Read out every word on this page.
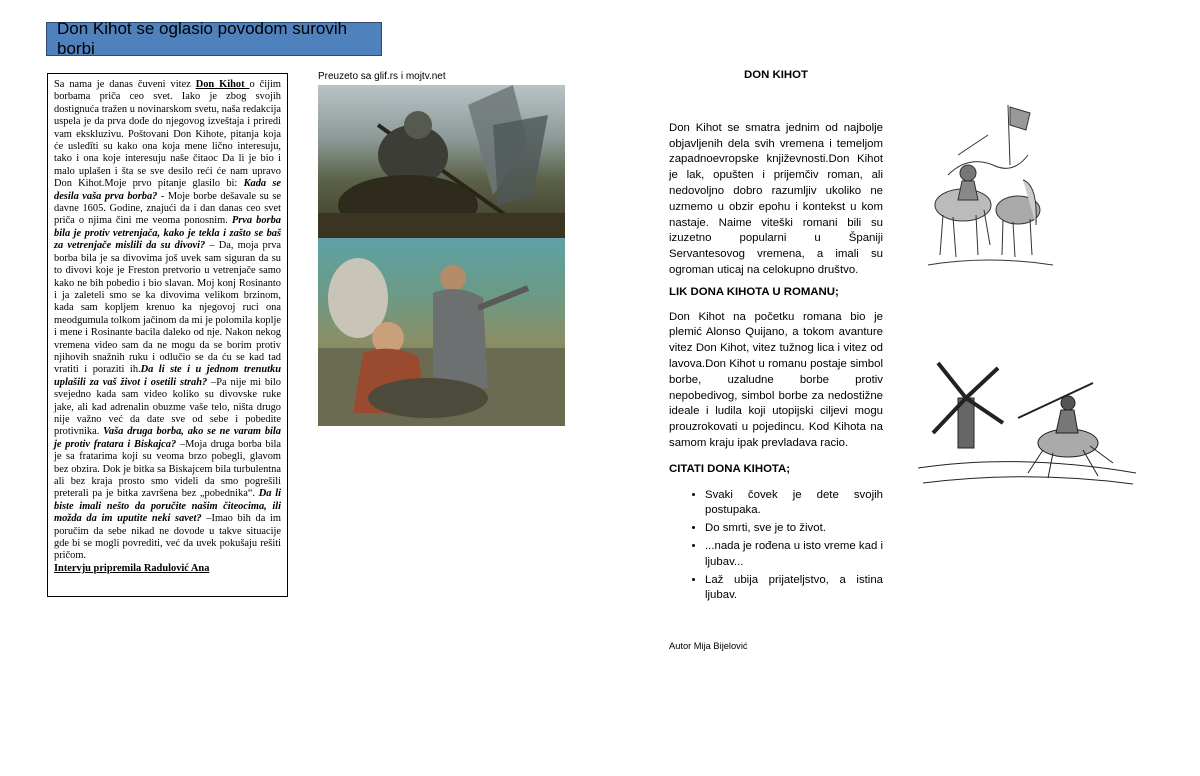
Don Kihot se oglasio povodom surovih borbi

Sa nama je danas čuveni vitez Don Kihot o čijim borbama priča ceo svet. Iako je zbog svojih dostignuća tražen u novinarskom svetu, naša redakcija uspela je da prva dođe do njegovog izveštaja i priredi vam ekskluzivu. Poštovani Don Kihote, pitanja koja će usledīti su kako ona koja mene lično interesuju, tako i ona koje interesuju naše čitaoc Da li je bio i malo uplašen i šta se sve desilo reći će nam upravo Don Kihot.Moje prvo pitanje glasilo bi: Kada se desila vaša prva borba? - Moje borbe dešavale su se davne 1605. Godine, znajući da i dan danas ceo svet priča o njima čini me veoma ponosnim. Prva borba bila je protiv vetrenjača, kako je tekla i zašto se baš za vetrenjače mislili da su divovi? – Da, moja prva borba bila je sa divovima još uvek sam siguran da su to divovi koje je Freston pretvorio u vetrenjače samo kako ne bih pobedio i bio slavan. Moj konj Rosinanto i ja zaleteli smo se ka divovima velikom brzinom, kada sam kopljem krenuo ka njegovoj ruci ona meodgumula tolkom jačinom da mi je polomila koplje i mene i Rosinante bacila daleko od nje. Nakon nekog vremena video sam da ne mogu da se borim protiv njihovih snažnih ruku i odlučio se da ću se kad tad vratiti i poraziti ih.Da li ste i u jednom trenutku uplašili za vaš život i osetili strah? –Pa nije mi bilo svejedno kada sam video koliko su divovske ruke jake, ali kad adrenalin obuzme vaše telo, ništa drugo nije važno već da date sve od sebe i pobedite protivnika. Vaša druga borba, ako se ne varam bila je protiv fratara i Biskajca? –Moja druga borba bila je sa fratarima koji su veoma brzo pobegli, glavom bez obzira. Dok je bitka sa Biskajcem bila turbulentna ali bez kraja prosto smo videli da smo pogrešili preterali pa je bitka završena bez „pobednika“. Da li biste imali nešto da poručite našim čiteocima, ili možda da im uputite neki savet? –Imao bih da im poručim da sebe nikad ne dovode u takve situacije gde bi se mogli povrediti, već da uvek pokušaju rešiti pričom.
Intervju pripremila Radulović Ana

Preuzeto sa glif.rs i mojtv.net	DON KIHOT

Don Kihot se smatra jednim od najbolje objavljenih dela svih vremena i temeljom zapadnoevropske književnosti.Don Kihot je lak, opušten i prijemčiv roman, ali nedovoljno dobro razumljiv ukoliko ne uzmemo u obzir epohu i kontekst u kom nastaje. Naime viteški romani bili su izuzetno popularni u Španiji Servantesovog vremena, a imali su ogroman uticaj na celokupno društvo.

LIK DONA KIHOTA U ROMANU;

Don Kihot na početku romana bio je plemić Alonso Quijano, a tokom avanture vitez Don Kihot, vitez tužnog lica i vitez od lavova.Don Kihot u romanu postaje simbol borbe, uzaludne borbe protiv nepobedivog, simbol borbe za nedostižne ideale i ludila koji utopijski ciljevi mogu prouzrokovati u pojedincu. Kod Kihota na samom kraju ipak prevladava racio.

CITATI DONA KIHOTA;
• Svaki čovek je dete svojih postupaka.
• Do smrti, sve je to život.
• ...nada je rođena u isto vreme kad i ljubav...
• Laž ubija prijateljstvo, a istina ljubav.
Autor Mija Bijelović
